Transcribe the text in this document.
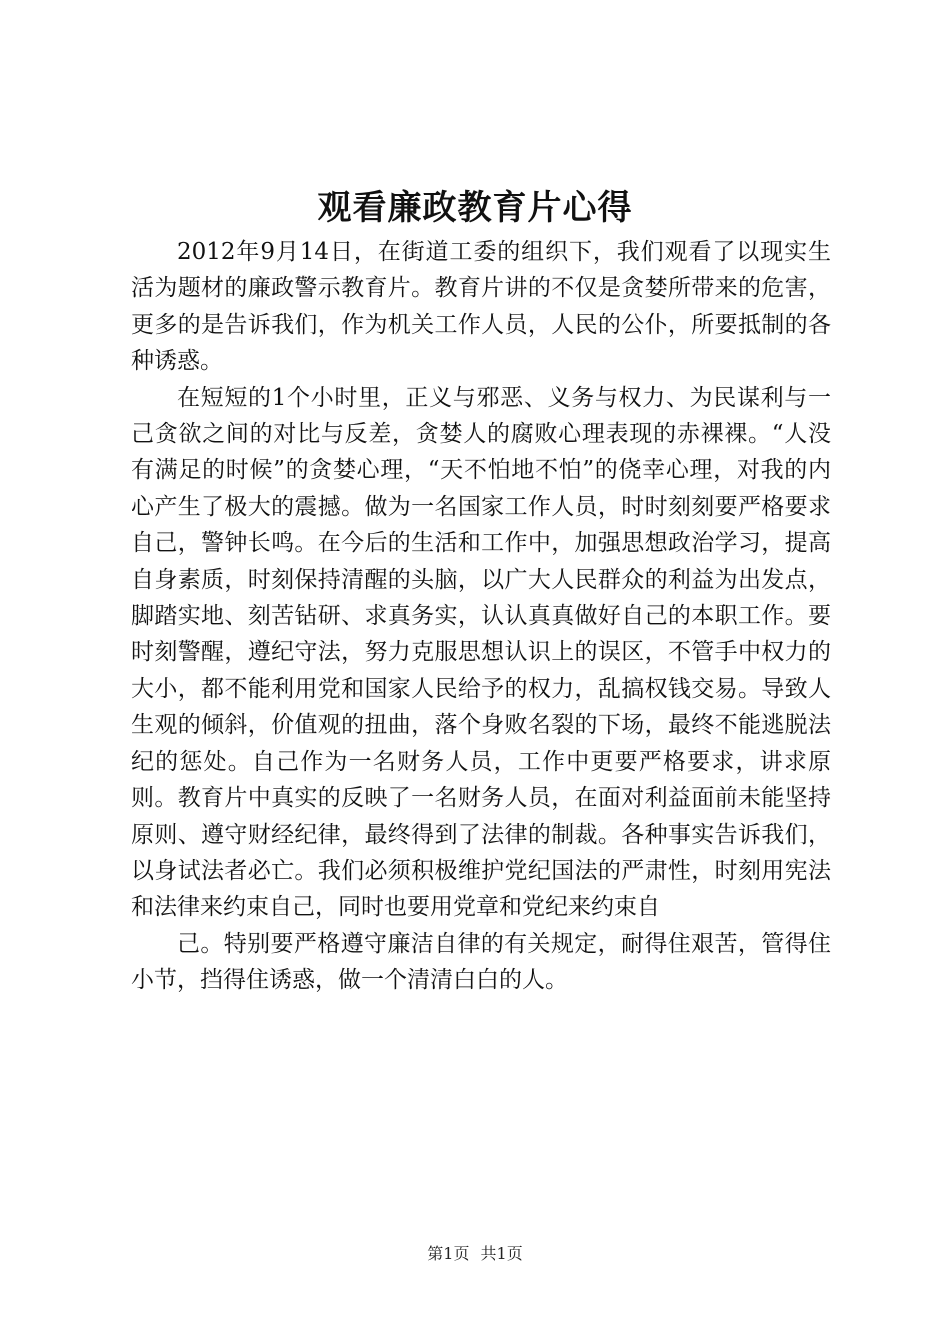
观看廉政教育片心得

2012年9月14日，在街道工委的组织下，我们观看了以现实生活为题材的廉政警示教育片。教育片讲的不仅是贪婪所带来的危害，更多的是告诉我们，作为机关工作人员，人民的公仆，所要抵制的各种诱惑。

在短短的1个小时里，正义与邪恶、义务与权力、为民谋利与一己贪欲之间的对比与反差，贪婪人的腐败心理表现的赤裸裸。“人没有满足的时候”的贪婪心理，“天不怕地不怕”的侥幸心理，对我的内心产生了极大的震撼。做为一名国家工作人员，时时刻刻要严格要求自己，警钟长鸣。在今后的生活和工作中，加强思想政治学习，提高自身素质，时刻保持清醒的头脑，以广大人民群众的利益为出发点，脚踏实地、刻苦钻研、求真务实，认认真真做好自己的本职工作。要时刻警醒，遵纪守法，努力克服思想认识上的误区，不管手中权力的大小，都不能利用党和国家人民给予的权力，乱搞权钱交易。导致人生观的倾斜，价值观的扭曲，落个身败名裂的下场，最终不能逃脱法纪的惩处。自己作为一名财务人员，工作中更要严格要求，讲求原则。教育片中真实的反映了一名财务人员，在面对利益面前未能坚持原则、遵守财经纪律，最终得到了法律的制裁。各种事实告诉我们，以身试法者必亡。我们必须积极维护党纪国法的严肃性，时刻用宪法和法律来约束自己，同时也要用党章和党纪来约束自

己。特别要严格遵守廉洁自律的有关规定，耐得住艰苦，管得住小节，挡得住诱惑，做一个清清白白的人。

第1页 共1页
